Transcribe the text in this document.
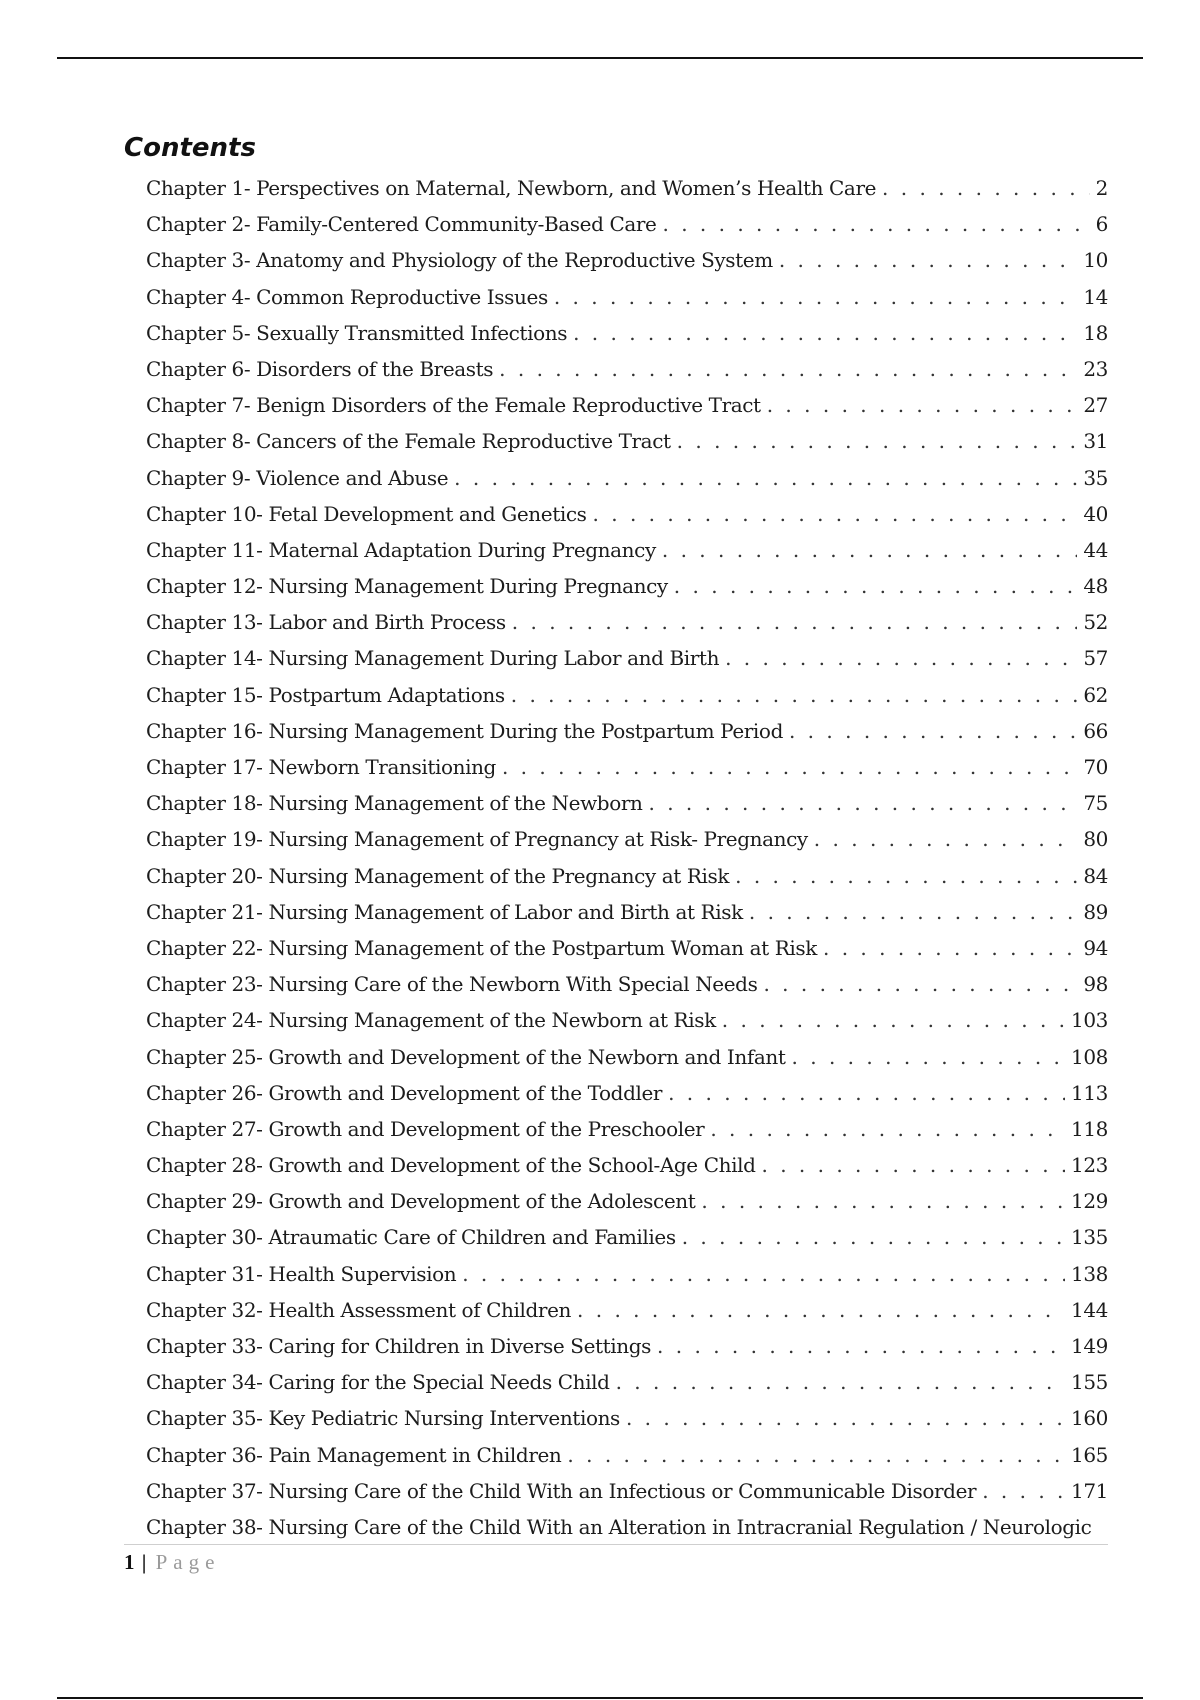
Contents
Chapter 1- Perspectives on Maternal, Newborn, and Women’s Health Care . . .	2
Chapter 2- Family-Centered Community-Based Care . . .	6
Chapter 3- Anatomy and Physiology of the Reproductive System . . .	10
Chapter 4- Common Reproductive Issues . . .	14
Chapter 5- Sexually Transmitted Infections . . .	18
Chapter 6- Disorders of the Breasts . . .	23
Chapter 7- Benign Disorders of the Female Reproductive Tract . . .	27
Chapter 8- Cancers of the Female Reproductive Tract . . .	31
Chapter 9- Violence and Abuse . . .	35
Chapter 10- Fetal Development and Genetics . . .	40
Chapter 11- Maternal Adaptation During Pregnancy . . .	44
Chapter 12- Nursing Management During Pregnancy . . .	48
Chapter 13- Labor and Birth Process . . .	52
Chapter 14- Nursing Management During Labor and Birth . . .	57
Chapter 15- Postpartum Adaptations . . .	62
Chapter 16- Nursing Management During the Postpartum Period . . .	66
Chapter 17- Newborn Transitioning . . .	70
Chapter 18- Nursing Management of the Newborn . . .	75
Chapter 19- Nursing Management of Pregnancy at Risk- Pregnancy . . .	80
Chapter 20- Nursing Management of the Pregnancy at Risk . . .	84
Chapter 21- Nursing Management of Labor and Birth at Risk . . .	89
Chapter 22- Nursing Management of the Postpartum Woman at Risk . . .	94
Chapter 23- Nursing Care of the Newborn With Special Needs . . .	98
Chapter 24- Nursing Management of the Newborn at Risk . . .	103
Chapter 25- Growth and Development of the Newborn and Infant . . .	108
Chapter 26- Growth and Development of the Toddler . . .	113
Chapter 27- Growth and Development of the Preschooler . . .	118
Chapter 28- Growth and Development of the School-Age Child . . .	123
Chapter 29- Growth and Development of the Adolescent . . .	129
Chapter 30- Atraumatic Care of Children and Families . . .	135
Chapter 31- Health Supervision . . .	138
Chapter 32- Health Assessment of Children . . .	144
Chapter 33- Caring for Children in Diverse Settings . . .	149
Chapter 34- Caring for the Special Needs Child . . .	155
Chapter 35- Key Pediatric Nursing Interventions . . .	160
Chapter 36- Pain Management in Children . . .	165
Chapter 37- Nursing Care of the Child With an Infectious or Communicable Disorder . . .	171
Chapter 38- Nursing Care of the Child With an Alteration in Intracranial Regulation / Neurologic
1 | Page
